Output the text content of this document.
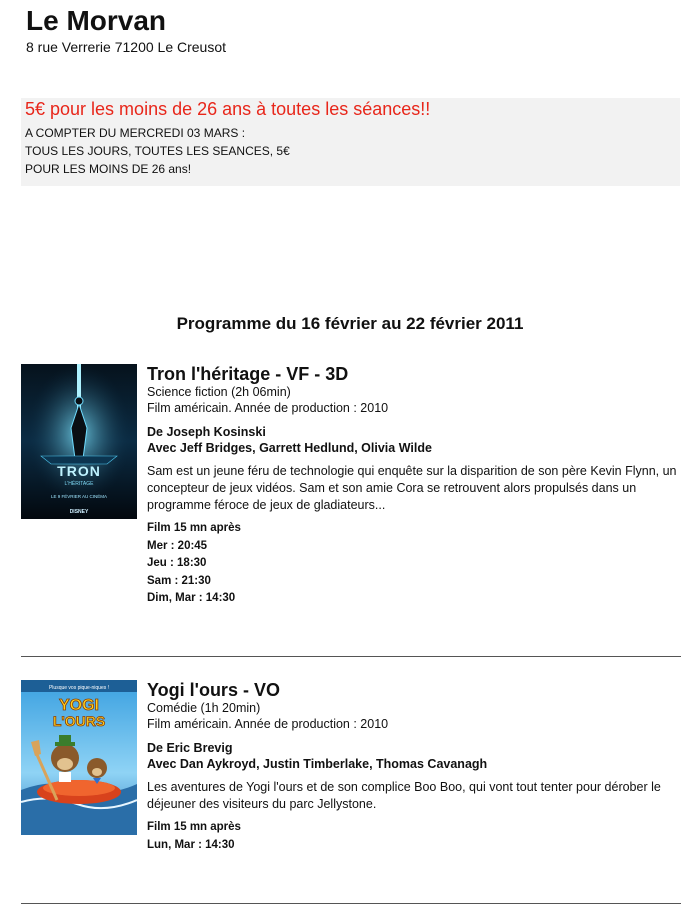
Le Morvan
8 rue Verrerie 71200 Le Creusot
5€ pour les moins de 26 ans à toutes les séances!!
A COMPTER DU MERCREDI 03 MARS :
TOUS LES JOURS, TOUTES LES SEANCES, 5€
POUR LES MOINS DE 26 ans!
Programme du 16 février au 22 février 2011
TRON
L'HÉRITAGE
LE 9 FÉVRIER AU CINÉMA
DISNEY
Tron l'héritage - VF - 3D
Science fiction (2h 06min)
Film américain. Année de production : 2010
De Joseph Kosinski
Avec Jeff Bridges, Garrett Hedlund, Olivia Wilde
Sam est un jeune féru de technologie qui enquête sur la disparition de son père Kevin Flynn, un concepteur de jeux vidéos. Sam et son amie Cora se retrouvent alors propulsés dans un programme féroce de jeux de gladiateurs...
Film 15 mn après
Mer : 20:45
Jeu : 18:30
Sam : 21:30
Dim, Mar : 14:30
Plusque vos pique-niques !
YOGI
L'OURS
Yogi l'ours - VO
Comédie (1h 20min)
Film américain. Année de production : 2010
De Eric Brevig
Avec Dan Aykroyd, Justin Timberlake, Thomas Cavanagh
Les aventures de Yogi l'ours et de son complice Boo Boo, qui vont tout tenter pour dérober le déjeuner des visiteurs du parc Jellystone.
Film 15 mn après
Lun, Mar : 14:30
